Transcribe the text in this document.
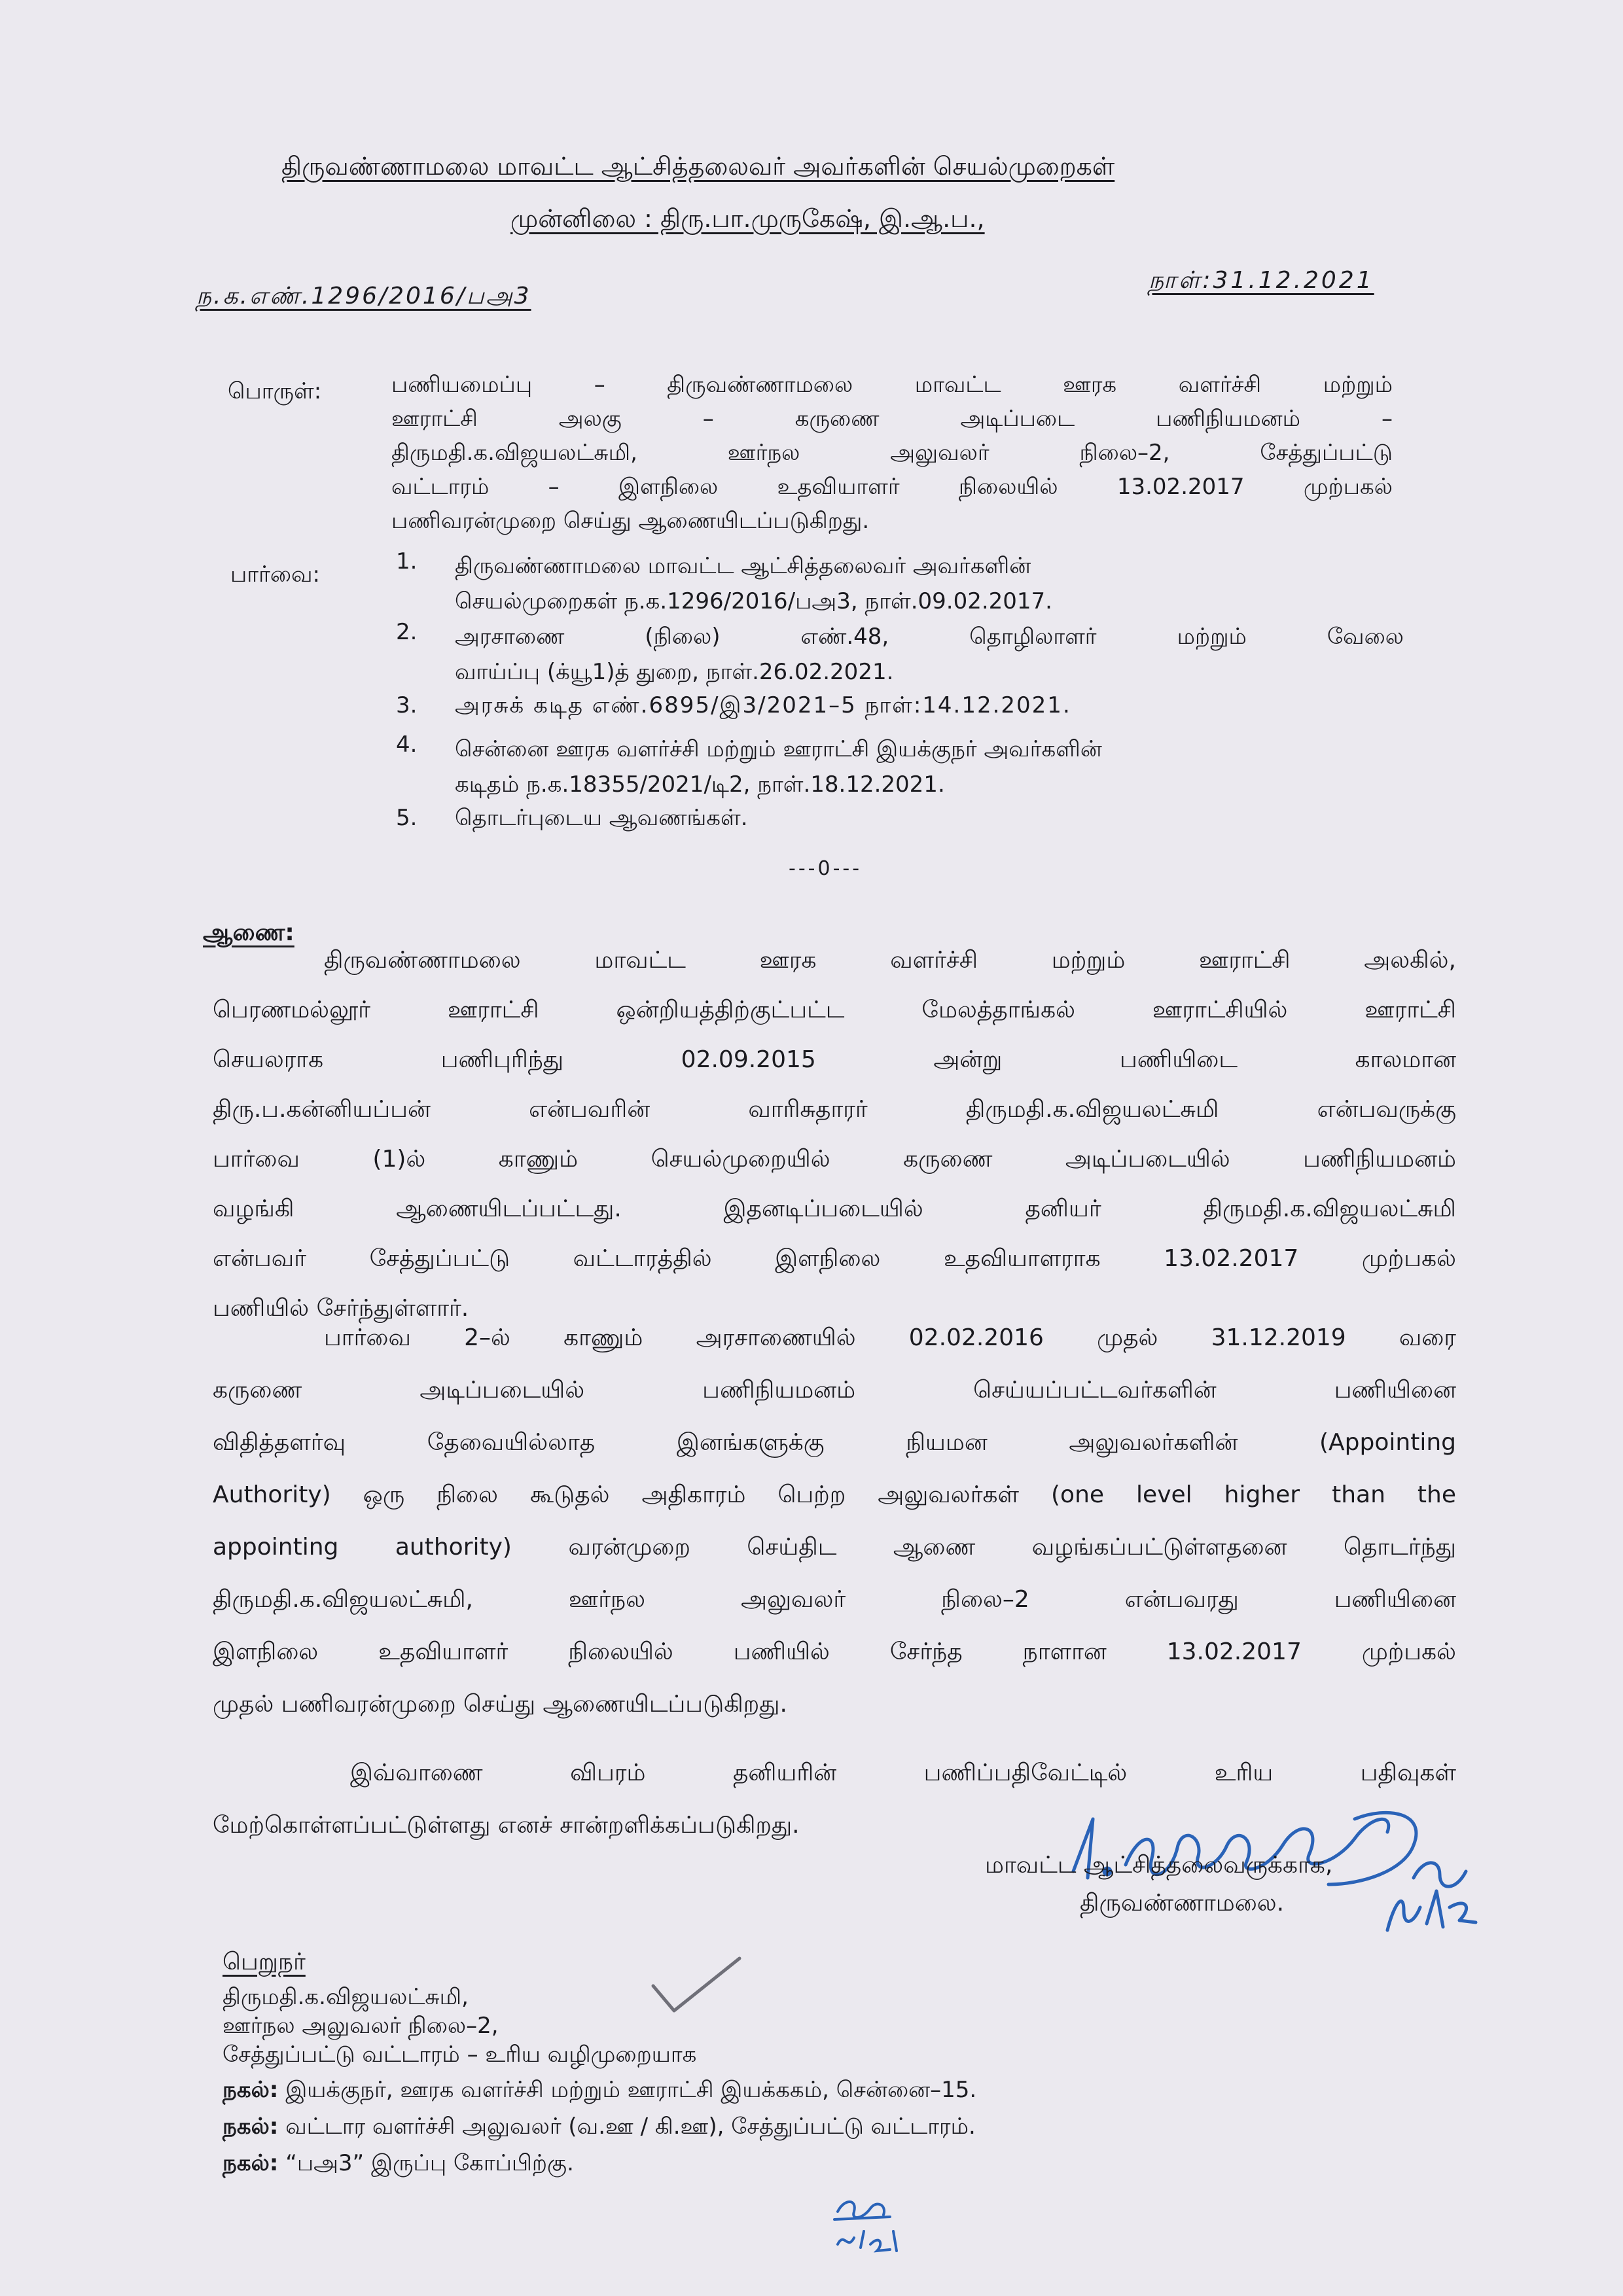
திருவண்ணாமலை மாவட்ட ஆட்சித்தலைவர் அவர்களின் செயல்முறைகள்
முன்னிலை : திரு.பா.முருகேஷ், இ.ஆ.ப.,
ந.க.எண்.1296/2016/பஅ3
நாள்:31.12.2021
பொருள்:	பணியமைப்பு – திருவண்ணாமலை மாவட்ட ஊரக வளர்ச்சி மற்றும்
ஊராட்சி அலகு – கருணை அடிப்படை பணிநியமனம் –
திருமதி.க.விஜயலட்சுமி, ஊர்நல அலுவலர் நிலை–2, சேத்துப்பட்டு
வட்டாரம் – இளநிலை உதவியாளர் நிலையில் 13.02.2017 முற்பகல்
பணிவரன்முறை செய்து ஆணையிடப்படுகிறது.
பார்வை:	1. திருவண்ணாமலை மாவட்ட ஆட்சித்தலைவர் அவர்களின்
செயல்முறைகள் ந.க.1296/2016/பஅ3, நாள்.09.02.2017.
2. அரசாணை (நிலை) எண்.48, தொழிலாளர் மற்றும் வேலை
வாய்ப்பு (க்யூ1)த் துறை, நாள்.26.02.2021.
3. அரசுக் கடித எண்.6895/இ3/2021–5 நாள்:14.12.2021.
4. சென்னை ஊரக வளர்ச்சி மற்றும் ஊராட்சி இயக்குநர் அவர்களின்
கடிதம் ந.க.18355/2021/டி2, நாள்.18.12.2021.
5. தொடர்புடைய ஆவணங்கள்.
---0---
ஆணை:
திருவண்ணாமலை மாவட்ட ஊரக வளர்ச்சி மற்றும் ஊராட்சி அலகில்,
பெரணமல்லூர் ஊராட்சி ஒன்றியத்திற்குட்பட்ட மேலத்தாங்கல் ஊராட்சியில் ஊராட்சி
செயலராக பணிபுரிந்து 02.09.2015 அன்று பணியிடை காலமான
திரு.ப.கன்னியப்பன் என்பவரின் வாரிசுதாரர் திருமதி.க.விஜயலட்சுமி என்பவருக்கு
பார்வை (1)ல் காணும் செயல்முறையில் கருணை அடிப்படையில் பணிநியமனம்
வழங்கி ஆணையிடப்பட்டது. இதனடிப்படையில் தனியர் திருமதி.க.விஜயலட்சுமி
என்பவர் சேத்துப்பட்டு வட்டாரத்தில் இளநிலை உதவியாளராக 13.02.2017 முற்பகல்
பணியில் சேர்ந்துள்ளார்.
பார்வை 2–ல் காணும் அரசாணையில் 02.02.2016 முதல் 31.12.2019 வரை
கருணை அடிப்படையில் பணிநியமனம் செய்யப்பட்டவர்களின் பணியினை
விதித்தளர்வு தேவையில்லாத இனங்களுக்கு நியமன அலுவலர்களின் (Appointing
Authority) ஒரு நிலை கூடுதல் அதிகாரம் பெற்ற அலுவலர்கள் (one level higher than the
appointing authority) வரன்முறை செய்திட ஆணை வழங்கப்பட்டுள்ளதனை தொடர்ந்து
திருமதி.க.விஜயலட்சுமி, ஊர்நல அலுவலர் நிலை–2 என்பவரது பணியினை
இளநிலை உதவியாளர் நிலையில் பணியில் சேர்ந்த நாளான 13.02.2017 முற்பகல்
முதல் பணிவரன்முறை செய்து ஆணையிடப்படுகிறது.
இவ்வாணை விபரம் தனியரின் பணிப்பதிவேட்டில் உரிய பதிவுகள்
மேற்கொள்ளப்பட்டுள்ளது எனச் சான்றளிக்கப்படுகிறது.
மாவட்ட ஆட்சித்தலைவருக்காக,
திருவண்ணாமலை.
பெறுநர்
திருமதி.க.விஜயலட்சுமி,
ஊர்நல அலுவலர் நிலை–2,
சேத்துப்பட்டு வட்டாரம் – உரிய வழிமுறையாக
நகல்: இயக்குநர், ஊரக வளர்ச்சி மற்றும் ஊராட்சி இயக்ககம், சென்னை–15.
நகல்: வட்டார வளர்ச்சி அலுவலர் (வ.ஊ / கி.ஊ), சேத்துப்பட்டு வட்டாரம்.
நகல்: “பஅ3” இருப்பு கோப்பிற்கு.
